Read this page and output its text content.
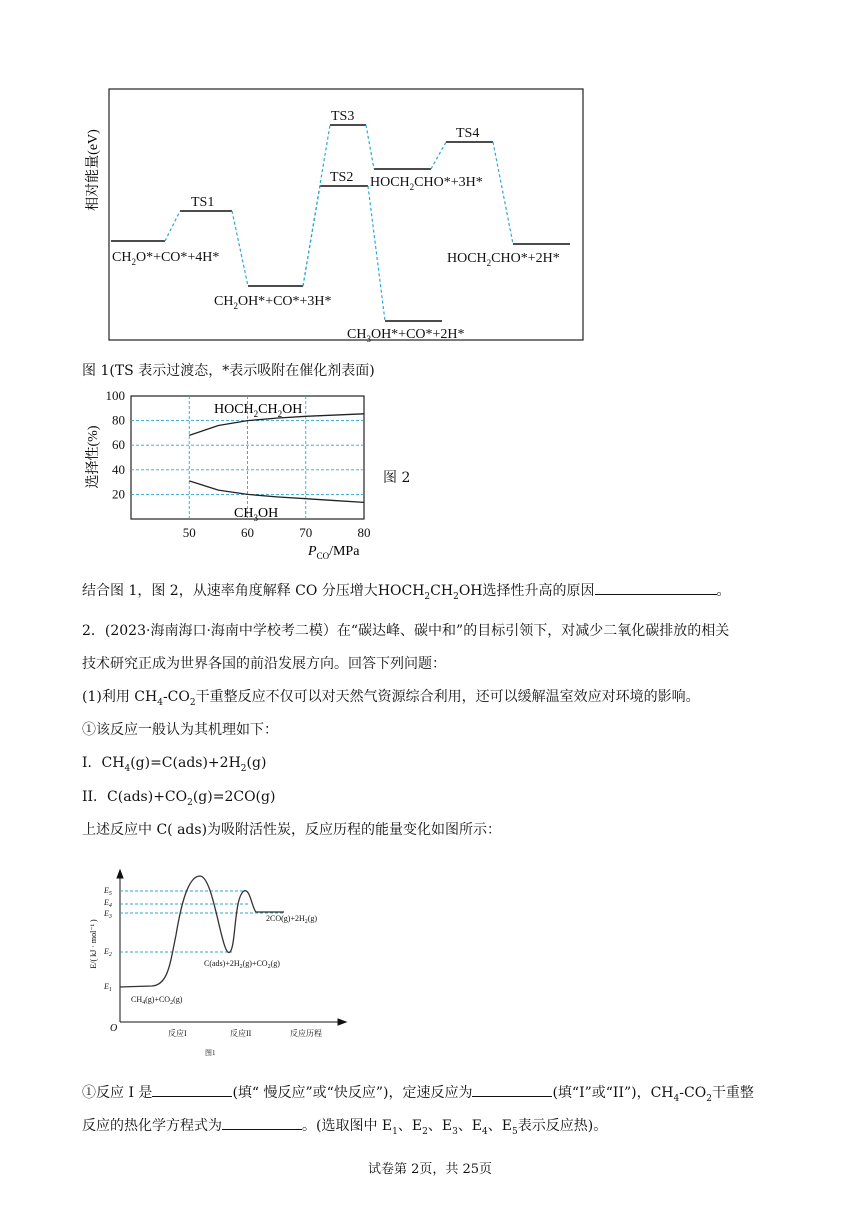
相对能量(eV)	TS1
TS3
TS2
TS4
$CH_2O*+CO*+4H*$
$CH_2OH*+CO*+3H*$
$HOCH_2CHO*+3H*$
$CH_3OH*+CO*+2H*$
$HOCH_2CHO*+2H*$
图 1(TS 表示过渡态，*表示吸附在催化剂表面)
20
40
60
80
100
50	60	70	80
选择性(%)
$P_{CO}$/MPa
$HOCH_2CH_2OH$
$CH_3OH$
图 2
结合图 1，图 2，从速率角度解释 CO 分压增大$HOCH_2CH_2OH$选择性升高的原因	。
2．(2023·海南海口·海南中学校考二模）在“碳达峰、碳中和”的目标引领下，对减少二氧化碳排放的相关
技术研究正成为世界各国的前沿发展方向。回答下列问题：
(1)利用 $CH_4-CO_2$干重整反应不仅可以对天然气资源综合利用，还可以缓解温室效应对环境的影响。
①该反应一般认为其机理如下：
I．$CH_4(g)=C(ads)+2H_2(g)$
II．$C(ads)+CO_2(g)=2CO(g)$
上述反应中 C( ads)为吸附活性炭，反应历程的能量变化如图所示：
O
E/( kJ · mol⁻¹ )
$E_5$
$E_4$
$E_3$
$E_2$
$E_1$
$2CO(g)+2H_2(g)$
$C(ads)+2H_2(g)+CO_2(g)$
$CH_4(g)+CO_2(g)$
反应I	反应II	反应历程
图1
①反应 I 是	(填“ 慢反应”或“快反应”)，定速反应为	(填“I”或“II”)，$CH_4-CO_2$干重整
反应的热化学方程式为	。(选取图中 $E_1$、$E_2$、$E_3$、$E_4$、$E_5$表示反应热)。
试卷第 2页，共 25页
